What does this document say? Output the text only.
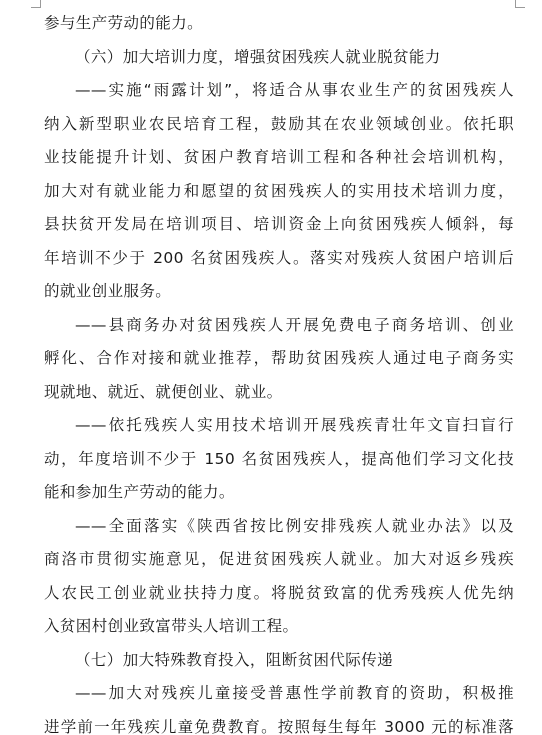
参与生产劳动的能力。
（六）加大培训力度，增强贫困残疾人就业脱贫能力
——实施“雨露计划”，将适合从事农业生产的贫困残疾人
纳入新型职业农民培育工程，鼓励其在农业领域创业。依托职
业技能提升计划、贫困户教育培训工程和各种社会培训机构，
加大对有就业能力和愿望的贫困残疾人的实用技术培训力度，
县扶贫开发局在培训项目、培训资金上向贫困残疾人倾斜，每
年培训不少于 200 名贫困残疾人。落实对残疾人贫困户培训后
的就业创业服务。
——县商务办对贫困残疾人开展免费电子商务培训、创业
孵化、合作对接和就业推荐，帮助贫困残疾人通过电子商务实
现就地、就近、就便创业、就业。
——依托残疾人实用技术培训开展残疾青壮年文盲扫盲行
动，年度培训不少于 150 名贫困残疾人，提高他们学习文化技
能和参加生产劳动的能力。
——全面落实《陕西省按比例安排残疾人就业办法》以及
商洛市贯彻实施意见，促进贫困残疾人就业。加大对返乡残疾
人农民工创业就业扶持力度。将脱贫致富的优秀残疾人优先纳
入贫困村创业致富带头人培训工程。
（七）加大特殊教育投入，阻断贫困代际传递
——加大对残疾儿童接受普惠性学前教育的资助，积极推
进学前一年残疾儿童免费教育。按照每生每年 3000 元的标准落
